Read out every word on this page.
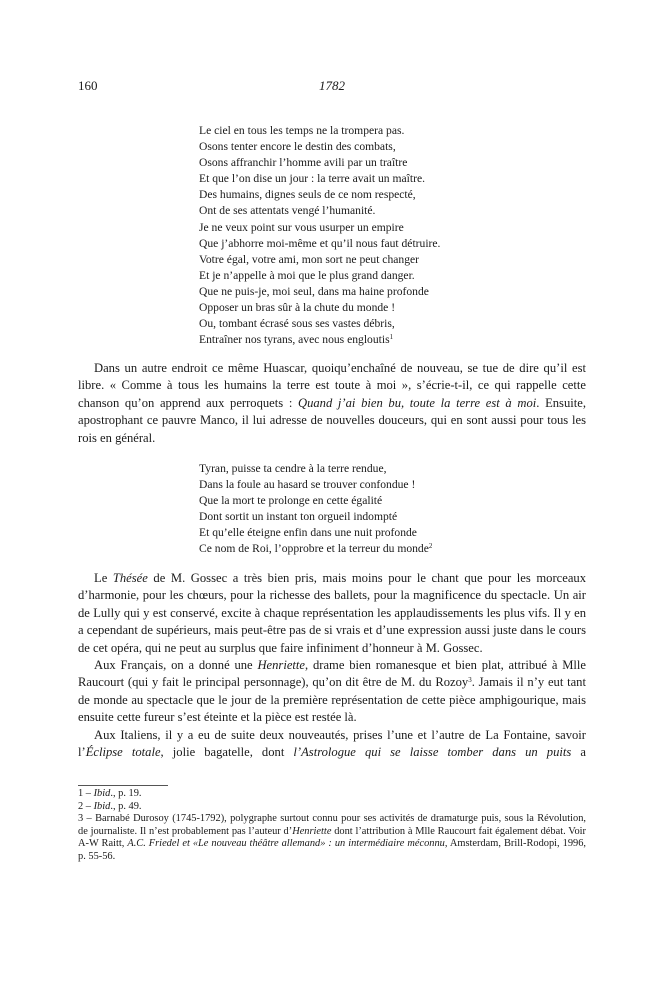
160	1782
Le ciel en tous les temps ne la trompera pas.
Osons tenter encore le destin des combats,
Osons affranchir l’homme avili par un traître
Et que l’on dise un jour : la terre avait un maître.
Des humains, dignes seuls de ce nom respecté,
Ont de ses attentats vengé l’humanité.
Je ne veux point sur vous usurper un empire
Que j’abhorre moi-même et qu’il nous faut détruire.
Votre égal, votre ami, mon sort ne peut changer
Et je n’appelle à moi que le plus grand danger.
Que ne puis-je, moi seul, dans ma haine profonde
Opposer un bras sûr à la chute du monde !
Ou, tombant écrasé sous ses vastes débris,
Entraîner nos tyrans, avec nous engloutis$^1$

Dans un autre endroit ce même Huascar, quoiqu’enchaîné de nouveau, se tue de dire qu’il est libre. « Comme à tous les humains la terre est toute à moi », s’écrie-t-il, ce qui rappelle cette chanson qu’on apprend aux perroquets : Quand j’ai bien bu, toute la terre est à moi. Ensuite, apostrophant ce pauvre Manco, il lui adresse de nouvelles douceurs, qui en sont aussi pour tous les rois en général.

Tyran, puisse ta cendre à la terre rendue,
Dans la foule au hasard se trouver confondue !
Que la mort te prolonge en cette égalité
Dont sortit un instant ton orgueil indompté
Et qu’elle éteigne enfin dans une nuit profonde
Ce nom de Roi, l’opprobre et la terreur du monde$^2$

Le Thésée de M. Gossec a très bien pris, mais moins pour le chant que pour les morceaux d’harmonie, pour les chœurs, pour la richesse des ballets, pour la magnificence du spectacle. Un air de Lully qui y est conservé, excite à chaque représentation les applaudissements les plus vifs. Il y en a cependant de supérieurs, mais peut-être pas de si vrais et d’une expression aussi juste dans le cours de cet opéra, qui ne peut au surplus que faire infiniment d’honneur à M. Gossec.

Aux Français, on a donné une Henriette, drame bien romanesque et bien plat, attribué à Mlle Raucourt (qui y fait le principal personnage), qu’on dit être de M. du Rozoy$^3$. Jamais il n’y eut tant de monde au spectacle que le jour de la première représentation de cette pièce amphigourique, mais ensuite cette fureur s’est éteinte et la pièce est restée là.

Aux Italiens, il y a eu de suite deux nouveautés, prises l’une et l’autre de La Fontaine, savoir l’Éclipse totale, jolie bagatelle, dont l’Astrologue qui se laisse tomber dans un puits a

1 – Ibid., p. 19.
2 – Ibid., p. 49.
3 – Barnabé Durosoy (1745-1792), polygraphe surtout connu pour ses activités de dramaturge puis, sous la Révolution, de journaliste. Il n’est probablement pas l’auteur d’Henriette dont l’attribution à Mlle Raucourt fait également débat. Voir A-W Raitt, A.C. Friedel et «Le nouveau théâtre allemand» : un intermédiaire méconnu, Amsterdam, Brill-Rodopi, 1996, p. 55-56.
